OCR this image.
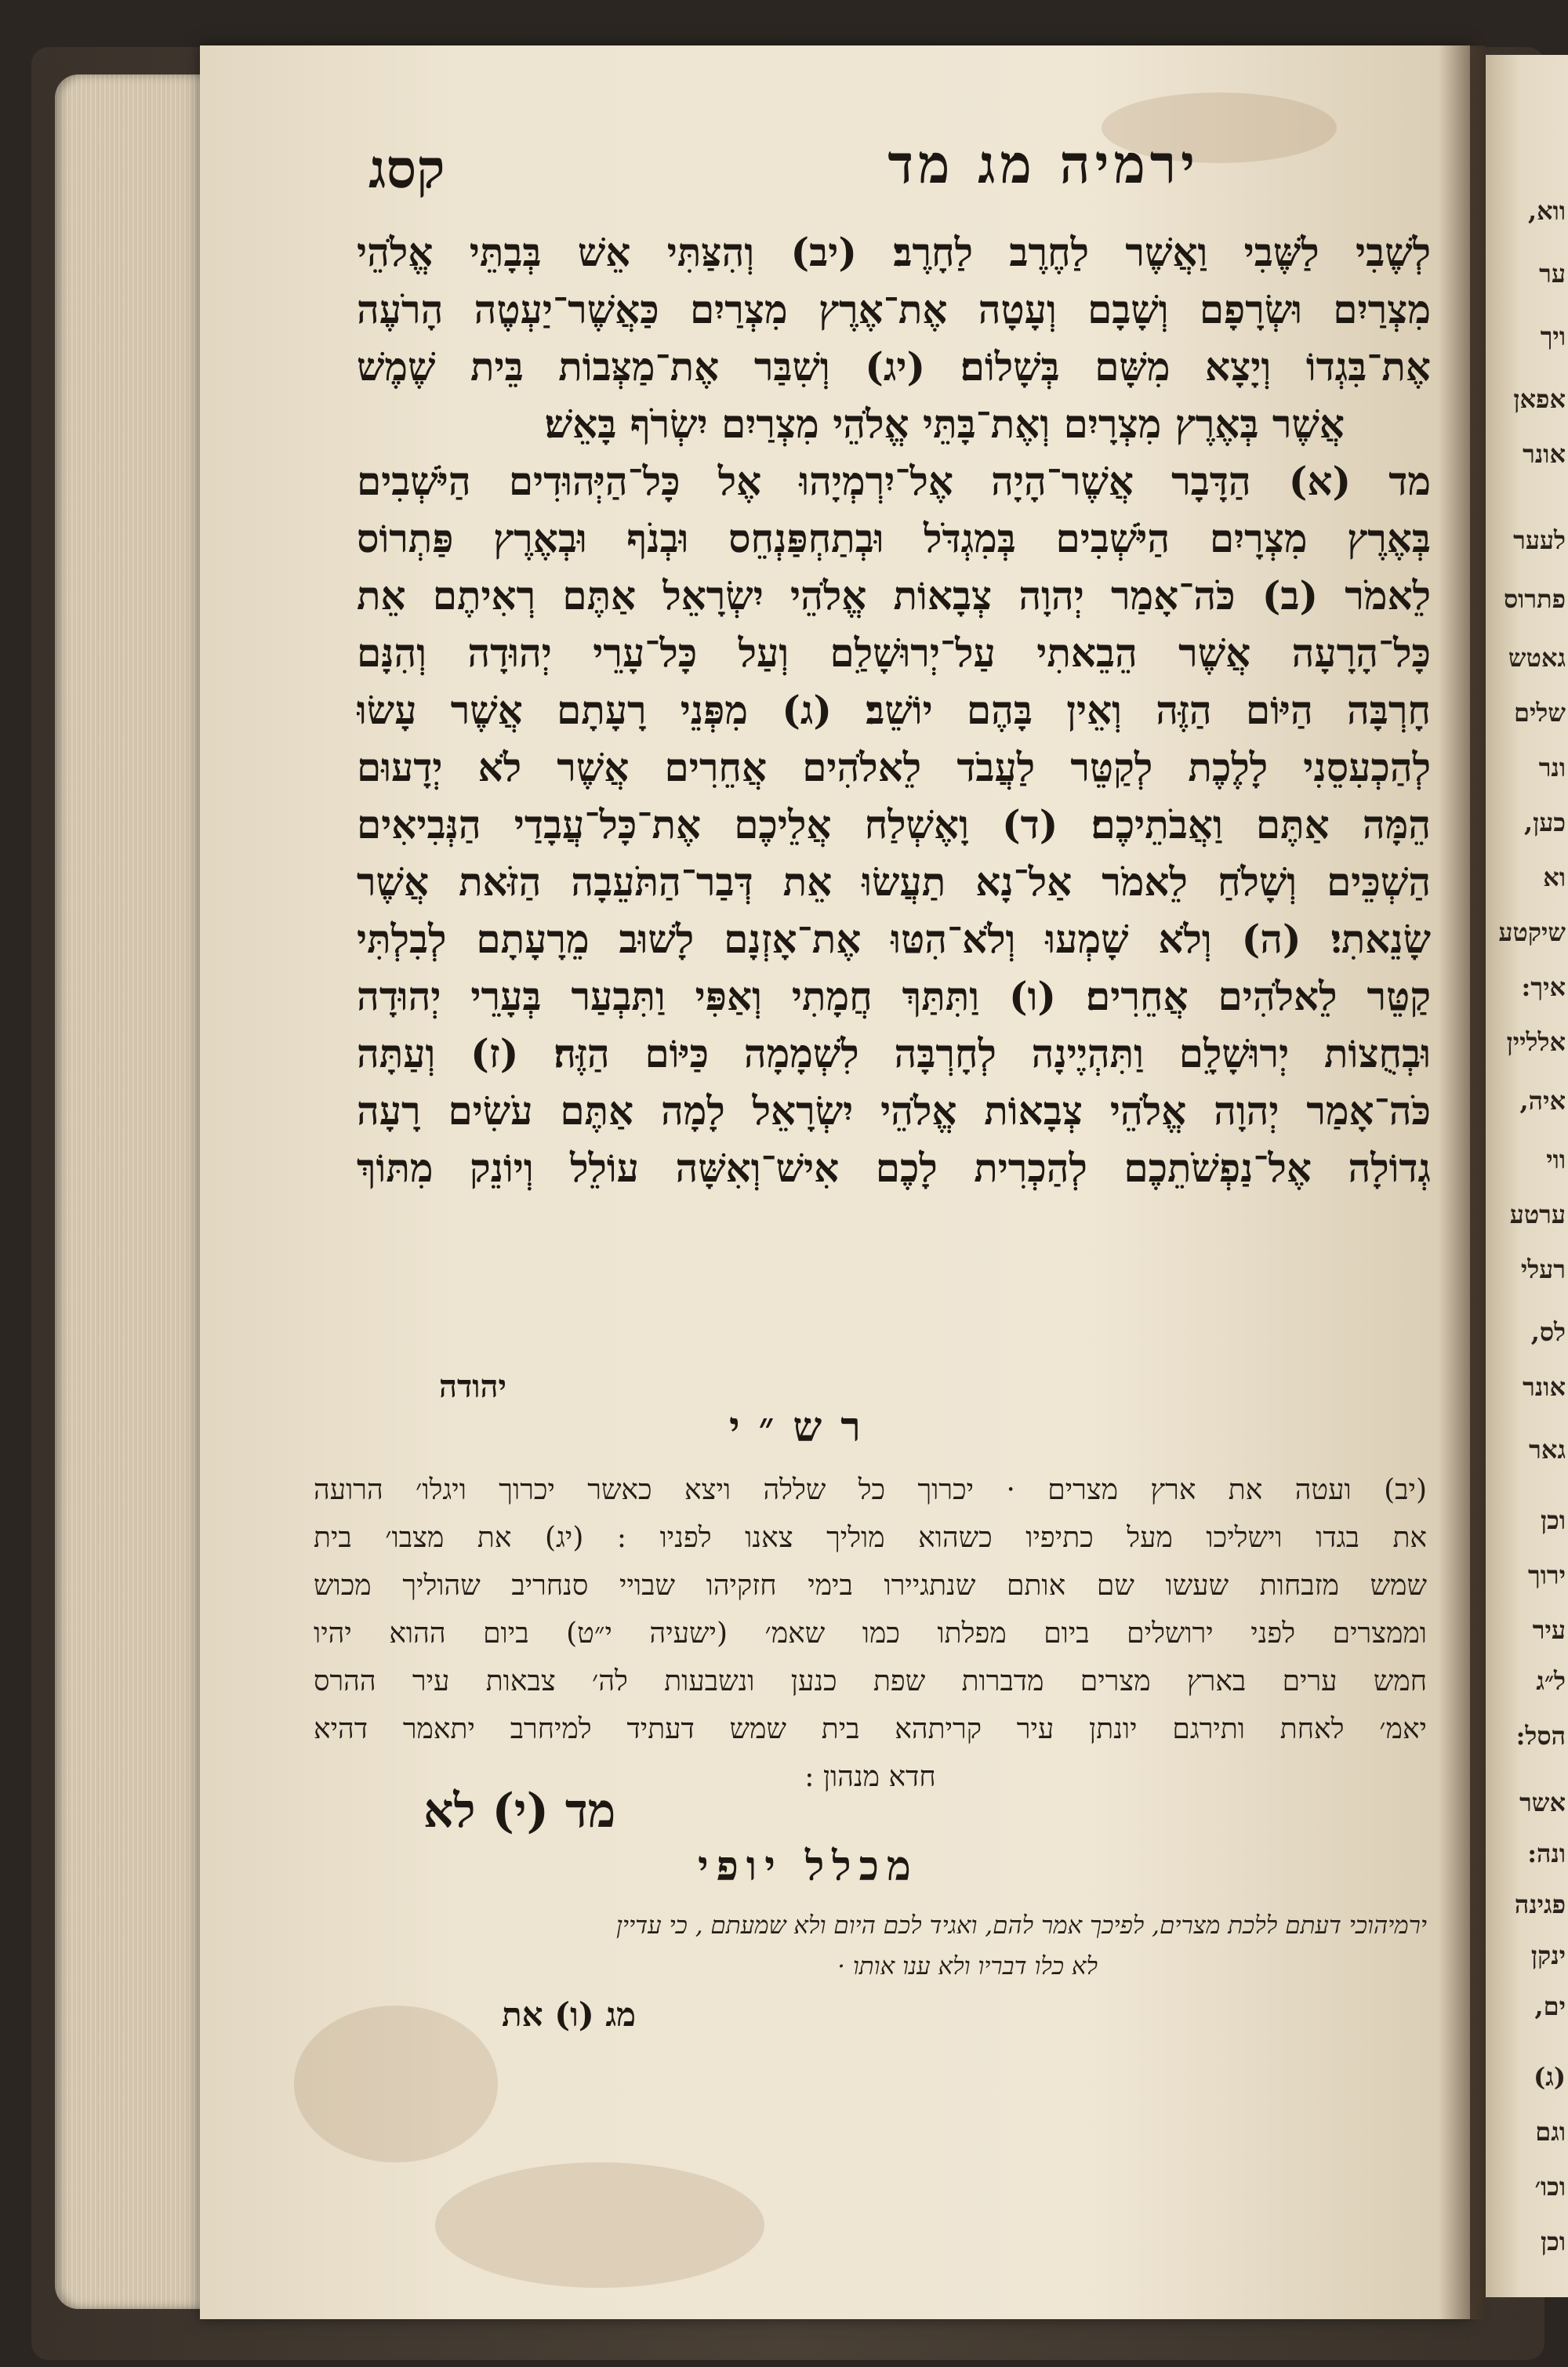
ווא,
ער
ויך
אפאן
אונר
לעער
פתרוס
גאטש
שלים
ונר
כען,
וא
שיקטע
איך:
אלליין
איה,
ווי
ערטע
רעלי
לס,
אונר
גאר
וכן
ירוך
עיר
ל״ג
הסל:
אשר
ונה:
פגינה
ינקן
ים,
(ג)
וגם
וכו׳
וכן
קסג	ירמיה מג מד
לְשֶׁבִי לַשֶּׁבִי וַאֲשֶׁר לַחֶרֶב לַחָרֶב׃ (יב) וְהִצַּתִּי אֵשׁ בְּבָתֵּי אֱלֹהֵי
מִצְרַיִם וּשְׂרָפָם וְשָׁבָם וְעָטָה אֶת־אֶרֶץ מִצְרַיִם כַּאֲשֶׁר־יַעְטֶה הָרֹעֶה
אֶת־בִּגְדוֹ וְיָצָא מִשָּׁם בְּשָׁלוֹם׃ (יג) וְשִׁבַּר אֶת־מַצְּבוֹת בֵּית שֶׁמֶשׁ
אֲשֶׁר בְּאֶרֶץ מִצְרָיִם וְאֶת־בָּתֵּי אֱלֹהֵי מִצְרַיִם יִשְׂרֹף בָּאֵשׁ׃
מד (א) הַדָּבָר אֲשֶׁר־הָיָה אֶל־יִרְמְיָהוּ אֶל כָּל־הַיְּהוּדִים הַיֹּשְׁבִים
בְּאֶרֶץ מִצְרָיִם הַיֹּשְׁבִים בְּמִגְדֹּל וּבְתַחְפַּנְחֵס וּבְנֹף וּבְאֶרֶץ פַּתְרוֹס
לֵאמֹר (ב) כֹּה־אָמַר יְהוָה צְבָאוֹת אֱלֹהֵי יִשְׂרָאֵל אַתֶּם רְאִיתֶם אֵת
כָּל־הָרָעָה אֲשֶׁר הֵבֵאתִי עַל־יְרוּשָׁלִַם וְעַל כָּל־עָרֵי יְהוּדָה וְהִנָּם
חָרְבָּה הַיּוֹם הַזֶּה וְאֵין בָּהֶם יוֹשֵׁב׃ (ג) מִפְּנֵי רָעָתָם אֲשֶׁר עָשׂוּ
לְהַכְעִסֵנִי לָלֶכֶת לְקַטֵּר לַעֲבֹד לֵאלֹהִים אֲחֵרִים אֲשֶׁר לֹא יְדָעוּם
הֵמָּה אַתֶּם וַאֲבֹתֵיכֶם׃ (ד) וָאֶשְׁלַח אֲלֵיכֶם אֶת־כָּל־עֲבָדַי הַנְּבִיאִים
הַשְׁכֵּים וְשָׁלֹחַ לֵאמֹר אַל־נָא תַעֲשׂוּ אֵת דְּבַר־הַתֹּעֵבָה הַזֹּאת אֲשֶׁר
שָׂנֵאתִי׃ (ה) וְלֹא שָׁמְעוּ וְלֹא־הִטּוּ אֶת־אָזְנָם לָשׁוּב מֵרָעָתָם לְבִלְתִּי
קַטֵּר לֵאלֹהִים אֲחֵרִים׃ (ו) וַתִּתַּךְ חֲמָתִי וְאַפִּי וַתִּבְעַר בְּעָרֵי יְהוּדָה
וּבְחֻצוֹת יְרוּשָׁלִָם וַתִּהְיֶינָה לְחָרְבָּה לִשְׁמָמָה כַּיּוֹם הַזֶּה׃ (ז) וְעַתָּה
כֹּה־אָמַר יְהוָה אֱלֹהֵי צְבָאוֹת אֱלֹהֵי יִשְׂרָאֵל לָמָה אַתֶּם עֹשִׂים רָעָה
גְדוֹלָה אֶל־נַפְשֹׁתֵכֶם לְהַכְרִית לָכֶם אִישׁ־וְאִשָּׁה עוֹלֵל וְיוֹנֵק מִתּוֹךְ
יהודה
רש״י
(יב) ועטה את ארץ מצרים · יכרוך כל שללה ויצא כאשר יכרוך ויגלו׳ הרועה
את בגדו וישליכו מעל כתיפיו כשהוא מוליך צאנו לפניו : (יג) את מצבו׳ בית
שמש מזבחות שעשו שם אותם שנתגיירו בימי חזקיהו שבויי סנחריב שהוליך מכוש
וממצרים לפני ירושלים ביום מפלתו כמו שאמ׳ (ישעיה י״ט) ביום ההוא יהיו
חמש ערים בארץ מצרים מדברות שפת כנען ונשבעות לה׳ צבאות עיר ההרס
יאמ׳ לאחת ותירגם יונתן עיר קריתהא בית שמש דעתיד למיחרב יתאמר דהיא
חדא מנהון :
מד (י) לא
מכלל יופי
ירמיהוכי דעתם ללכת מצרים, לפיכך אמר להם, ואגיד לכם היום ולא שמעתם , כי עדיין
לא כלו דבריו ולא ענו אותו ·
מג (ו) את
